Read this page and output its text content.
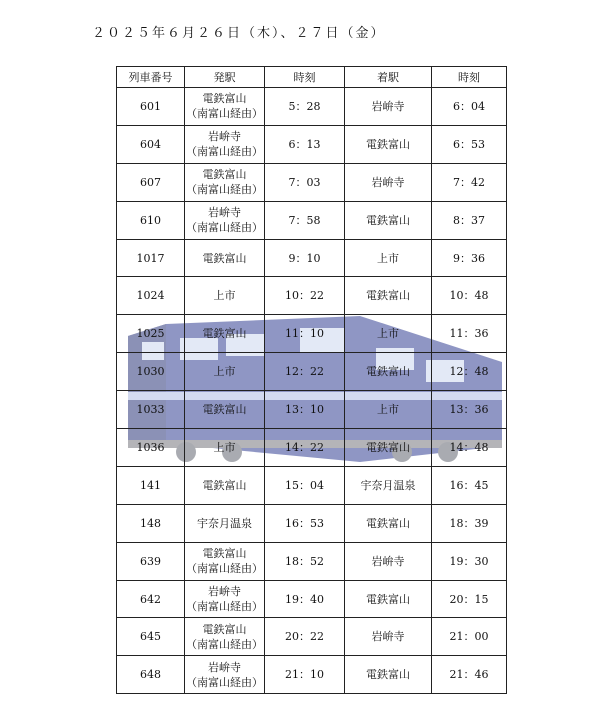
２０２５年６月２６日（木）、２７日（金）
列車番号	発駅	時刻	着駅	時刻
601	電鉄富山
（南富山経由）	5：28	岩峅寺	6：04
604	岩峅寺
（南富山経由）	6：13	電鉄富山	6：53
607	電鉄富山
（南富山経由）	7：03	岩峅寺	7：42
610	岩峅寺
（南富山経由）	7：58	電鉄富山	8：37
1017	電鉄富山	9：10	上市	9：36
1024	上市	10：22	電鉄富山	10：48
1025	電鉄富山	11：10	上市	11：36
1030	上市	12：22	電鉄富山	12：48
1033	電鉄富山	13：10	上市	13：36
1036	上市	14：22	電鉄富山	14：48
141	電鉄富山	15：04	宇奈月温泉	16：45
148	宇奈月温泉	16：53	電鉄富山	18：39
639	電鉄富山
（南富山経由）	18：52	岩峅寺	19：30
642	岩峅寺
（南富山経由）	19：40	電鉄富山	20：15
645	電鉄富山
（南富山経由）	20：22	岩峅寺	21：00
648	岩峅寺
（南富山経由）	21：10	電鉄富山	21：46
